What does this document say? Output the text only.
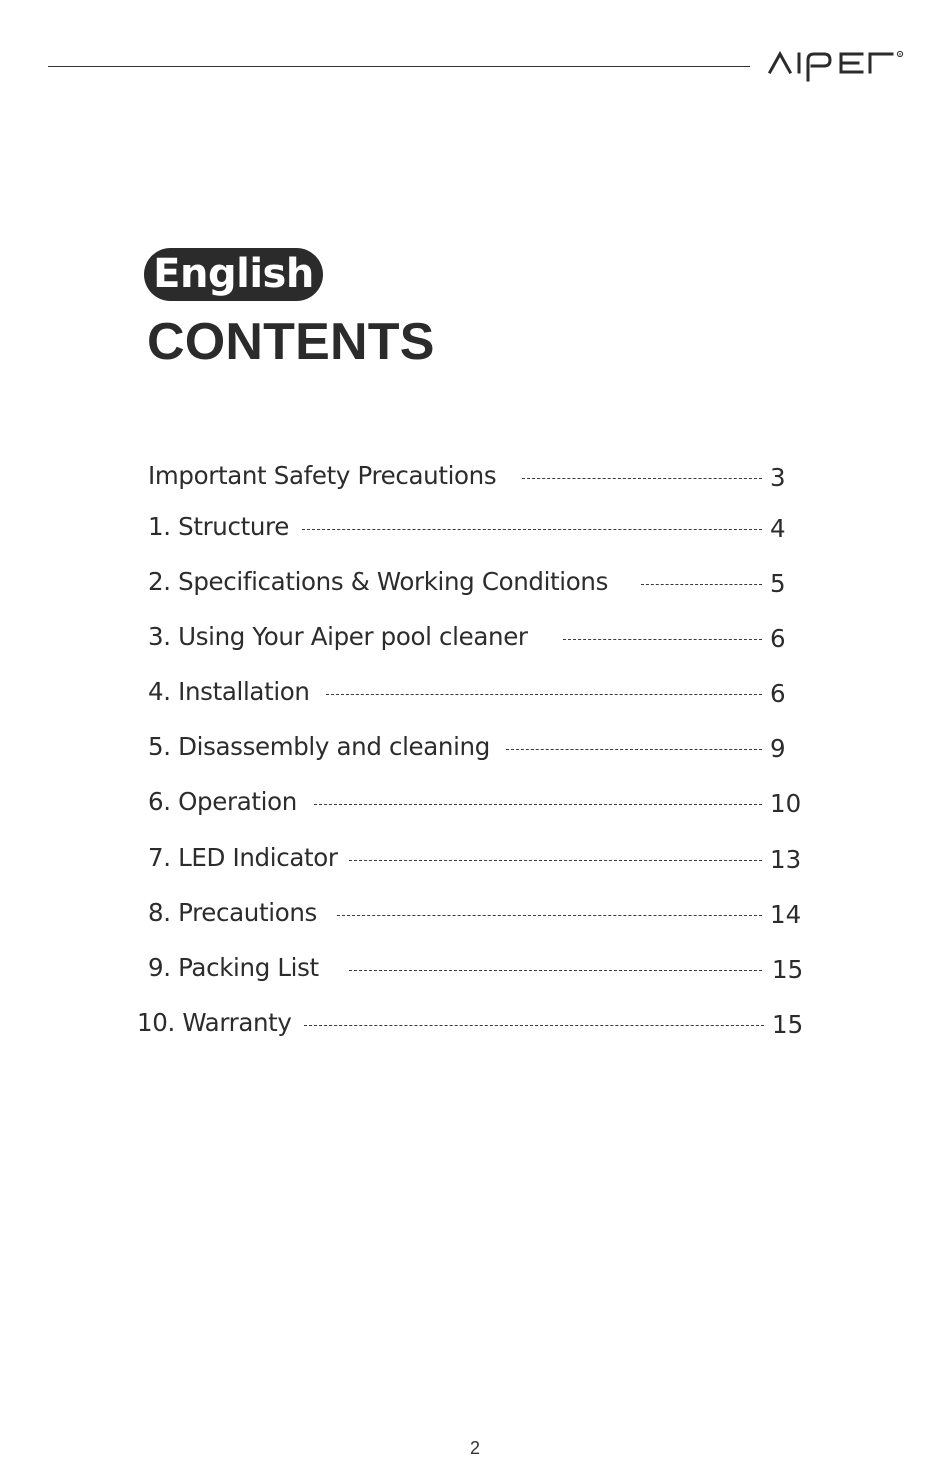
R
English
CONTENTS
Important Safety Precautions	3
1. Structure	4
2. Specifications & Working Conditions	5
3. Using Your Aiper pool cleaner	6
4. Installation	6
5. Disassembly and cleaning	9
6. Operation	10
7. LED Indicator	13
8. Precautions	14
9. Packing List	15
10. Warranty	15
2
